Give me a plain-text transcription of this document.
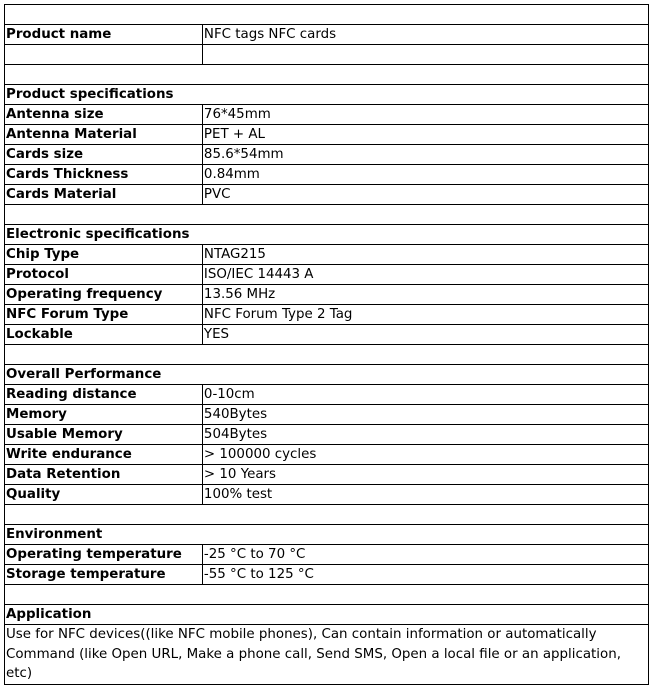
Product name	NFC tags NFC cards

Product specifications	
Antenna size	76*45mm
Antenna Material	PET + AL
Cards size	85.6*54mm
Cards Thickness	0.84mm
Cards Material	PVC

Electronic specifications	
Chip Type	NTAG215
Protocol	ISO/IEC 14443 A
Operating frequency	13.56 MHz
NFC Forum Type	NFC Forum Type 2 Tag
Lockable	YES

Overall Performance	
Reading distance	0-10cm
Memory	540Bytes
Usable Memory	504Bytes
Write endurance	> 100000 cycles
Data Retention	> 10 Years
Quality	100% test

Environment	
Operating temperature	-25 °C to 70 °C
Storage temperature	-55 °C to 125 °C

Application	
Use for NFC devices((like NFC mobile phones), Can contain information or automatically Command (like Open URL, Make a phone call, Send SMS, Open a local file or an application, etc)	
